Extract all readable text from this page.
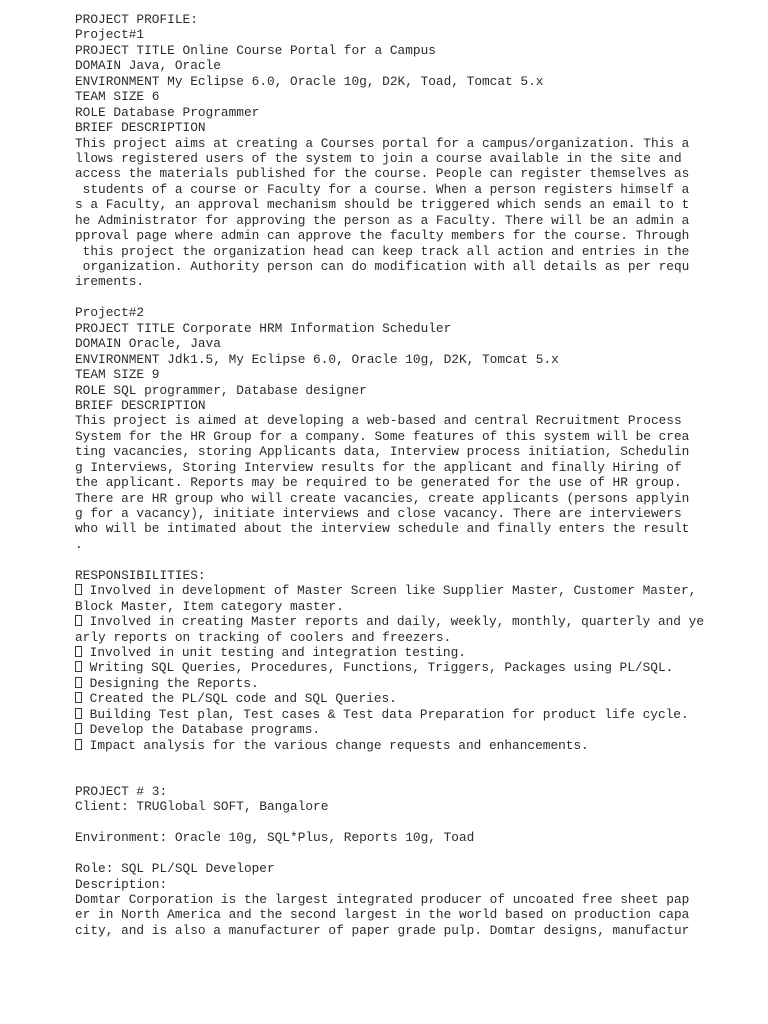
PROJECT PROFILE:
Project#1
PROJECT TITLE Online Course Portal for a Campus
DOMAIN Java, Oracle
ENVIRONMENT My Eclipse 6.0, Oracle 10g, D2K, Toad, Tomcat 5.x
TEAM SIZE 6
ROLE Database Programmer
BRIEF DESCRIPTION
This project aims at creating a Courses portal for a campus/organization. This a
llows registered users of the system to join a course available in the site and
access the materials published for the course. People can register themselves as
students of a course or Faculty for a course. When a person registers himself a
s a Faculty, an approval mechanism should be triggered which sends an email to t
he Administrator for approving the person as a Faculty. There will be an admin a
pproval page where admin can approve the faculty members for the course. Through
this project the organization head can keep track all action and entries in the
organization. Authority person can do modification with all details as per requ
irements.
Project#2
PROJECT TITLE Corporate HRM Information Scheduler
DOMAIN Oracle, Java
ENVIRONMENT Jdk1.5, My Eclipse 6.0, Oracle 10g, D2K, Tomcat 5.x
TEAM SIZE 9
ROLE SQL programmer, Database designer
BRIEF DESCRIPTION
This project is aimed at developing a web-based and central Recruitment Process
System for the HR Group for a company. Some features of this system will be crea
ting vacancies, storing Applicants data, Interview process initiation, Schedulin
g Interviews, Storing Interview results for the applicant and finally Hiring of
the applicant. Reports may be required to be generated for the use of HR group.
There are HR group who will create vacancies, create applicants (persons applyin
g for a vacancy), initiate interviews and close vacancy. There are interviewers
who will be intimated about the interview schedule and finally enters the result
.
RESPONSIBILITIES:
Involved in development of Master Screen like Supplier Master, Customer Master,
Block Master, Item category master.
Involved in creating Master reports and daily, weekly, monthly, quarterly and ye
arly reports on tracking of coolers and freezers.
Involved in unit testing and integration testing.
Writing SQL Queries, Procedures, Functions, Triggers, Packages using PL/SQL.
Designing the Reports.
Created the PL/SQL code and SQL Queries.
Building Test plan, Test cases & Test data Preparation for product life cycle.
Develop the Database programs.
Impact analysis for the various change requests and enhancements.
PROJECT # 3:
Client: TRUGlobal SOFT, Bangalore
Environment: Oracle 10g, SQL*Plus, Reports 10g, Toad
Role: SQL PL/SQL Developer
Description:
Domtar Corporation is the largest integrated producer of uncoated free sheet pap
er in North America and the second largest in the world based on production capa
city, and is also a manufacturer of paper grade pulp. Domtar designs, manufactur
